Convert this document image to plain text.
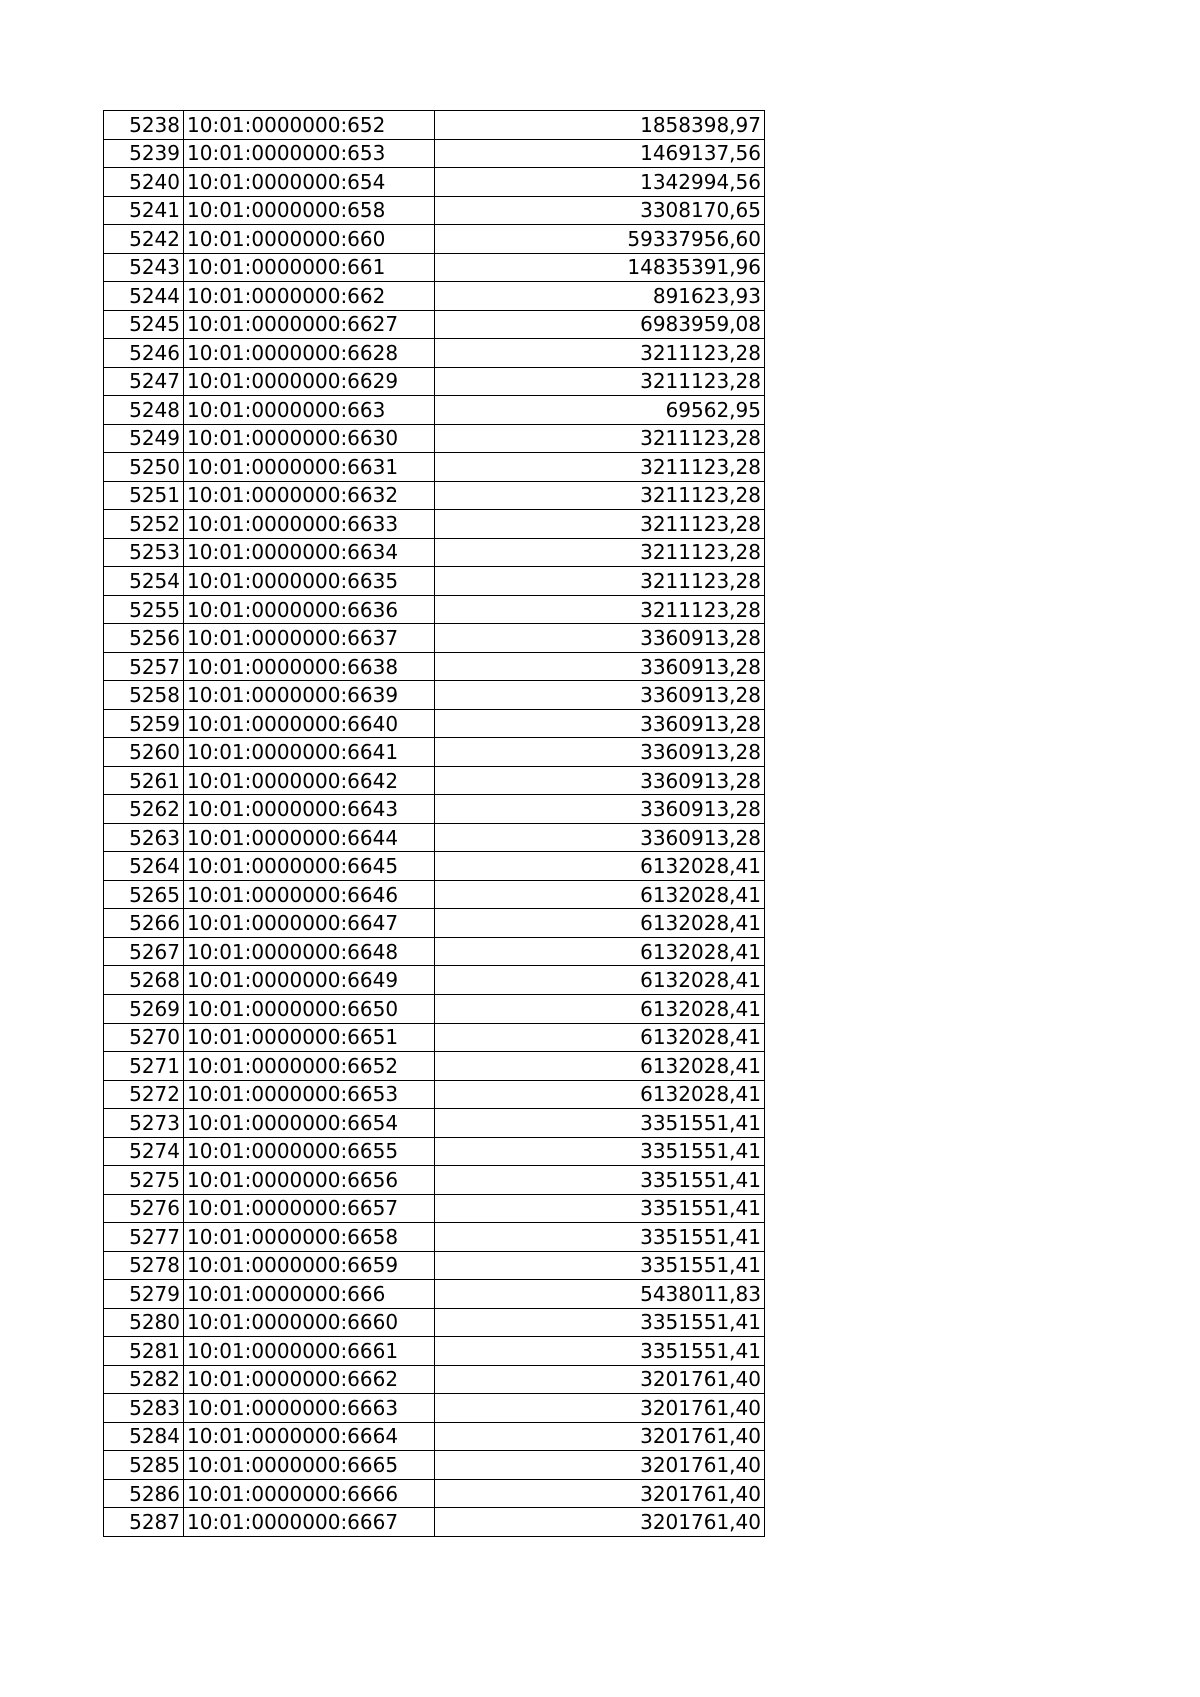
5238	10:01:0000000:652	1858398,97
5239	10:01:0000000:653	1469137,56
5240	10:01:0000000:654	1342994,56
5241	10:01:0000000:658	3308170,65
5242	10:01:0000000:660	59337956,60
5243	10:01:0000000:661	14835391,96
5244	10:01:0000000:662	891623,93
5245	10:01:0000000:6627	6983959,08
5246	10:01:0000000:6628	3211123,28
5247	10:01:0000000:6629	3211123,28
5248	10:01:0000000:663	69562,95
5249	10:01:0000000:6630	3211123,28
5250	10:01:0000000:6631	3211123,28
5251	10:01:0000000:6632	3211123,28
5252	10:01:0000000:6633	3211123,28
5253	10:01:0000000:6634	3211123,28
5254	10:01:0000000:6635	3211123,28
5255	10:01:0000000:6636	3211123,28
5256	10:01:0000000:6637	3360913,28
5257	10:01:0000000:6638	3360913,28
5258	10:01:0000000:6639	3360913,28
5259	10:01:0000000:6640	3360913,28
5260	10:01:0000000:6641	3360913,28
5261	10:01:0000000:6642	3360913,28
5262	10:01:0000000:6643	3360913,28
5263	10:01:0000000:6644	3360913,28
5264	10:01:0000000:6645	6132028,41
5265	10:01:0000000:6646	6132028,41
5266	10:01:0000000:6647	6132028,41
5267	10:01:0000000:6648	6132028,41
5268	10:01:0000000:6649	6132028,41
5269	10:01:0000000:6650	6132028,41
5270	10:01:0000000:6651	6132028,41
5271	10:01:0000000:6652	6132028,41
5272	10:01:0000000:6653	6132028,41
5273	10:01:0000000:6654	3351551,41
5274	10:01:0000000:6655	3351551,41
5275	10:01:0000000:6656	3351551,41
5276	10:01:0000000:6657	3351551,41
5277	10:01:0000000:6658	3351551,41
5278	10:01:0000000:6659	3351551,41
5279	10:01:0000000:666	5438011,83
5280	10:01:0000000:6660	3351551,41
5281	10:01:0000000:6661	3351551,41
5282	10:01:0000000:6662	3201761,40
5283	10:01:0000000:6663	3201761,40
5284	10:01:0000000:6664	3201761,40
5285	10:01:0000000:6665	3201761,40
5286	10:01:0000000:6666	3201761,40
5287	10:01:0000000:6667	3201761,40
